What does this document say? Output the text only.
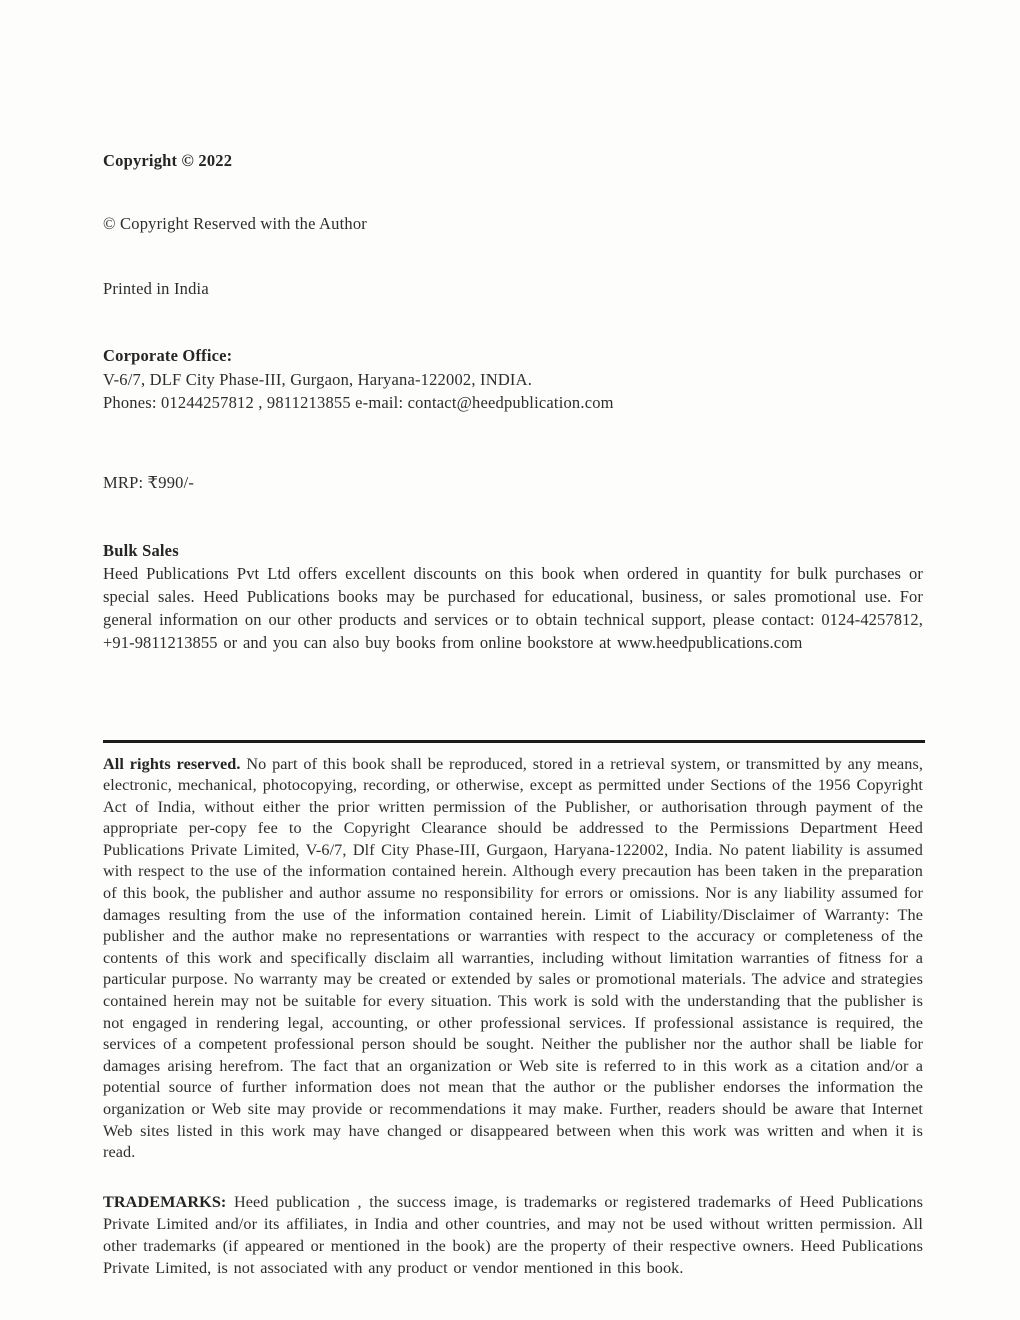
Copyright © 2022
© Copyright Reserved with the Author
Printed in India
Corporate Office:
V-6/7, DLF City Phase-III, Gurgaon, Haryana-122002, INDIA.
Phones: 01244257812 , 9811213855 e-mail: contact@heedpublication.com
MRP: ₹990/-
Bulk Sales
Heed Publications Pvt Ltd offers excellent discounts on this book when ordered in quantity for bulk purchases or special sales. Heed Publications books may be purchased for educational, business, or sales promotional use. For general information on our other products and services or to obtain technical support, please contact: 0124-4257812, +91-9811213855 or and you can also buy books from online bookstore at www.heedpublications.com
All rights reserved. No part of this book shall be reproduced, stored in a retrieval system, or transmitted by any means, electronic, mechanical, photocopying, recording, or otherwise, except as permitted under Sections of the 1956 Copyright Act of India, without either the prior written permission of the Publisher, or authorisation through payment of the appropriate per-copy fee to the Copyright Clearance should be addressed to the Permissions Department Heed Publications Private Limited, V-6/7, Dlf City Phase-III, Gurgaon, Haryana-122002, India. No patent liability is assumed with respect to the use of the information contained herein. Although every precaution has been taken in the preparation of this book, the publisher and author assume no responsibility for errors or omissions. Nor is any liability assumed for damages resulting from the use of the information contained herein. Limit of Liability/Disclaimer of Warranty: The publisher and the author make no representations or warranties with respect to the accuracy or completeness of the contents of this work and specifically disclaim all warranties, including without limitation warranties of fitness for a particular purpose. No warranty may be created or extended by sales or promotional materials. The advice and strategies contained herein may not be suitable for every situation. This work is sold with the understanding that the publisher is not engaged in rendering legal, accounting, or other professional services. If professional assistance is required, the services of a competent professional person should be sought. Neither the publisher nor the author shall be liable for damages arising herefrom. The fact that an organization or Web site is referred to in this work as a citation and/or a potential source of further information does not mean that the author or the publisher endorses the information the organization or Web site may provide or recommendations it may make. Further, readers should be aware that Internet Web sites listed in this work may have changed or disappeared between when this work was written and when it is read.
TRADEMARKS: Heed publication , the success image, is trademarks or registered trademarks of Heed Publications Private Limited and/or its affiliates, in India and other countries, and may not be used without written permission. All other trademarks (if appeared or mentioned in the book) are the property of their respective owners. Heed Publications Private Limited, is not associated with any product or vendor mentioned in this book.
